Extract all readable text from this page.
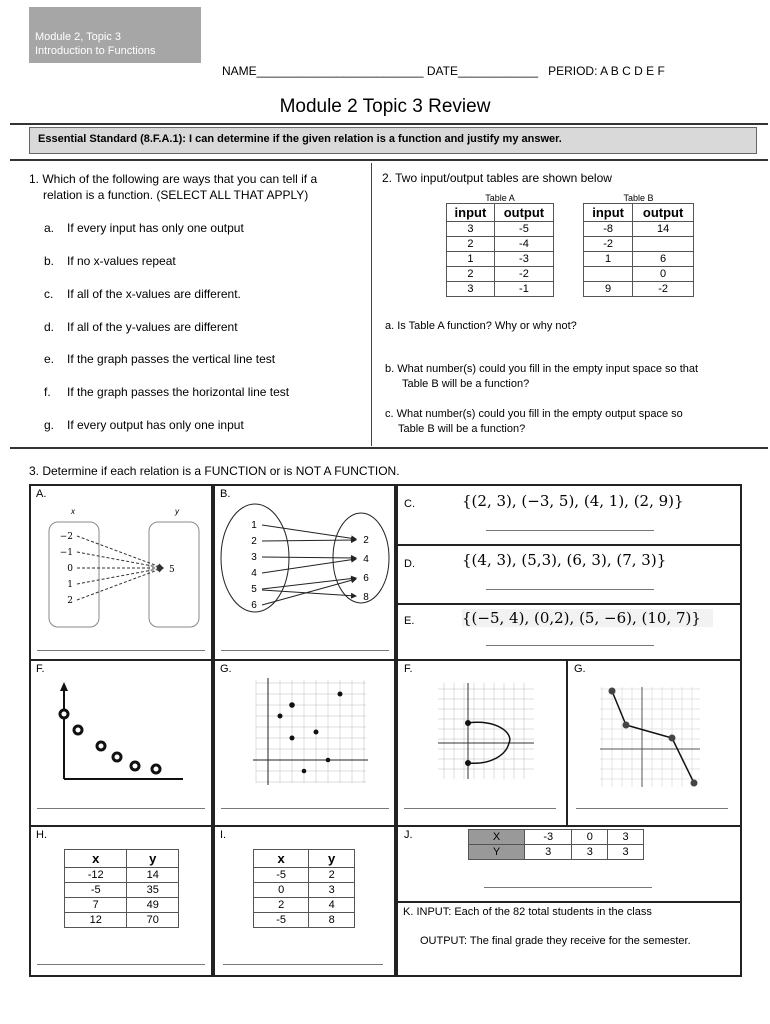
Module 2, Topic 3
Introduction to Functions
NAME_________________________ DATE____________ PERIOD: A B C D E F
Module 2 Topic 3 Review
Essential Standard (8.F.A.1): I can determine if the given relation is a function and justify my answer.
1. Which of the following are ways that you can tell if a
relation is a function. (SELECT ALL THAT APPLY)
a. If every input has only one output
b. If no x-values repeat
c. If all of the x-values are different.
d. If all of the y-values are different
e. If the graph passes the vertical line test
f. If the graph passes the horizontal line test
g. If every output has only one input
2. Two input/output tables are shown below
Table A
input	output
3	-5
2	-4
1	-3
2	-2
3	-1
Table B
input	output
-8	14
-2	
1	6
	0
9	-2
a. Is Table A function? Why or why not?
b. What number(s) could you fill in the empty input space so that
Table B will be a function?
c. What number(s) could you fill in the empty output space so
Table B will be a function?
3. Determine if each relation is a FUNCTION or is NOT A FUNCTION.
A.
x	y
−2
−1
0
1
2
5
B.
1
2
3
4
5
6
2
4
6
8
C.	{(2, 3), (−3, 5), (4, 1), (2, 9)}
D.	{(4, 3), (5,3), (6, 3), (7, 3)}
E.	{(−5, 4), (0,2), (5, −6), (10, 7)}
F.	G.	F.	G.
H.
x	y
-12	14
-5	35
7	49
12	70
I.
x	y
-5	2
0	3
2	4
-5	8
J.	X	-3	0	3
Y	3	3	3
K. INPUT: Each of the 82 total students in the class
OUTPUT: The final grade they receive for the semester.
